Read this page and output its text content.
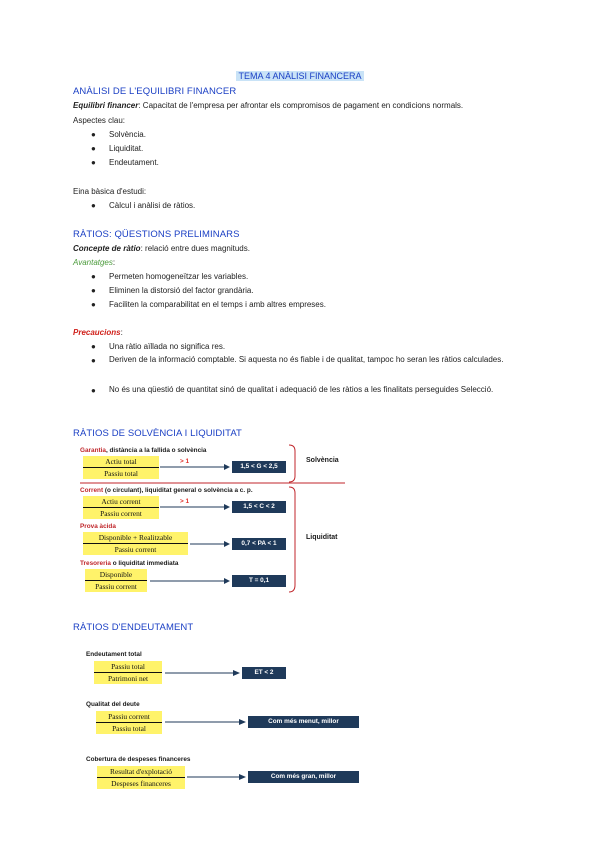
TEMA 4 ANÀLISI FINANCERA
ANÀLISI DE L'EQUILIBRI FINANCER
Equilibri financer: Capacitat de l'empresa per afrontar els compromisos de pagament en condicions normals.
Aspectes clau:
● Solvència.
● Liquiditat.
● Endeutament.
Eina bàsica d'estudi:
● Càlcul i anàlisi de ràtios.
RÀTIOS: QÜESTIONS PRELIMINARS
Concepte de ràtio: relació entre dues magnituds.
Avantatges:
● Permeten homogeneïtzar les variables.
● Eliminen la distorsió del factor grandària.
● Faciliten la comparabilitat en el temps i amb altres empreses.
Precaucions:
● Una ràtio aïllada no significa res.
● Deriven de la informació comptable. Si aquesta no és fiable i de qualitat, tampoc ho seran les ràtios calculades.
● No és una qüestió de quantitat sinó de qualitat i adequació de les ràtios a les finalitats perseguides Selecció.
RÀTIOS DE SOLVÈNCIA I LIQUIDITAT
Garantia, distància a la fallida o solvència
Actiu total
Passiu total
> 1
1,5 < G < 2,5
Solvència
Corrent (o circulant), liquiditat general o solvència a c. p.
Actiu corrent
Passiu corrent
> 1
1,5 < C < 2
Prova àcida
Disponible + Realitzable
Passiu corrent
0,7 < PA < 1
Liquiditat
Tresoreria o liquiditat immediata
Disponible
Passiu corrent
T = 0,1
RÀTIOS D'ENDEUTAMENT
Endeutament total
Passiu total
Patrimoni net
ET < 2
Qualitat del deute
Passiu corrent
Passiu total
Com més menut, millor
Cobertura de despeses financeres
Resultat d'explotació
Despeses financeres
Com més gran, millor
